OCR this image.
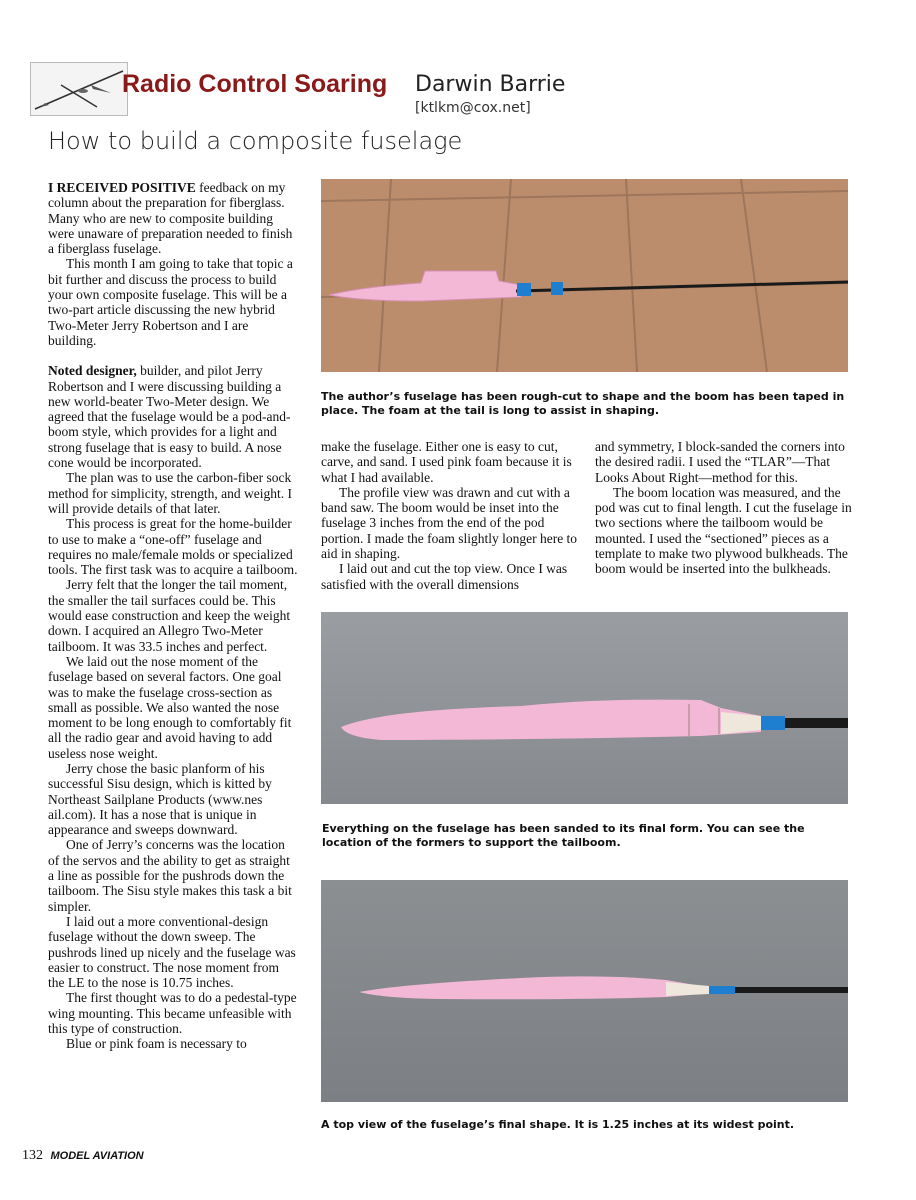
Radio Control Soaring Darwin Barrie
[ktlkm@cox.net]
How to build a composite fuselage

I RECEIVED POSITIVE feedback on my column about the preparation for fiberglass. Many who are new to composite building were unaware of preparation needed to finish a fiberglass fuselage.

This month I am going to take that topic a bit further and discuss the process to build your own composite fuselage. This will be a two-part article discussing the new hybrid Two-Meter Jerry Robertson and I are building.

Noted designer, builder, and pilot Jerry Robertson and I were discussing building a new world-beater Two-Meter design. We agreed that the fuselage would be a pod-and-boom style, which provides for a light and strong fuselage that is easy to build. A nose cone would be incorporated.

The plan was to use the carbon-fiber sock method for simplicity, strength, and weight. I will provide details of that later.

This process is great for the home-builder to use to make a “one-off” fuselage and requires no male/female molds or specialized tools. The first task was to acquire a tailboom.

Jerry felt that the longer the tail moment, the smaller the tail surfaces could be. This would ease construction and keep the weight down. I acquired an Allegro Two-Meter tailboom. It was 33.5 inches and perfect.

We laid out the nose moment of the fuselage based on several factors. One goal was to make the fuselage cross-section as small as possible. We also wanted the nose moment to be long enough to comfortably fit all the radio gear and avoid having to add useless nose weight.

Jerry chose the basic planform of his successful Sisu design, which is kitted by Northeast Sailplane Products (www.nes ail.com). It has a nose that is unique in appearance and sweeps downward.

One of Jerry’s concerns was the location of the servos and the ability to get as straight a line as possible for the pushrods down the tailboom. The Sisu style makes this task a bit simpler.

I laid out a more conventional-design fuselage without the down sweep. The pushrods lined up nicely and the fuselage was easier to construct. The nose moment from the LE to the nose is 10.75 inches.

The first thought was to do a pedestal-type wing mounting. This became unfeasible with this type of construction.

Blue or pink foam is necessary to

The author’s fuselage has been rough-cut to shape and the boom has been taped in place. The foam at the tail is long to assist in shaping.

make the fuselage. Either one is easy to cut, carve, and sand. I used pink foam because it is what I had available.

The profile view was drawn and cut with a band saw. The boom would be inset into the fuselage 3 inches from the end of the pod portion. I made the foam slightly longer here to aid in shaping.

I laid out and cut the top view. Once I was satisfied with the overall dimensions

and symmetry, I block-sanded the corners into the desired radii. I used the “TLAR”—That Looks About Right—method for this.

The boom location was measured, and the pod was cut to final length. I cut the fuselage in two sections where the tailboom would be mounted. I used the “sectioned” pieces as a template to make two plywood bulkheads. The boom would be inserted into the bulkheads.

Everything on the fuselage has been sanded to its final form. You can see the location of the formers to support the tailboom.
A top view of the fuselage’s final shape. It is 1.25 inches at its widest point.
132 MODEL AVIATION
